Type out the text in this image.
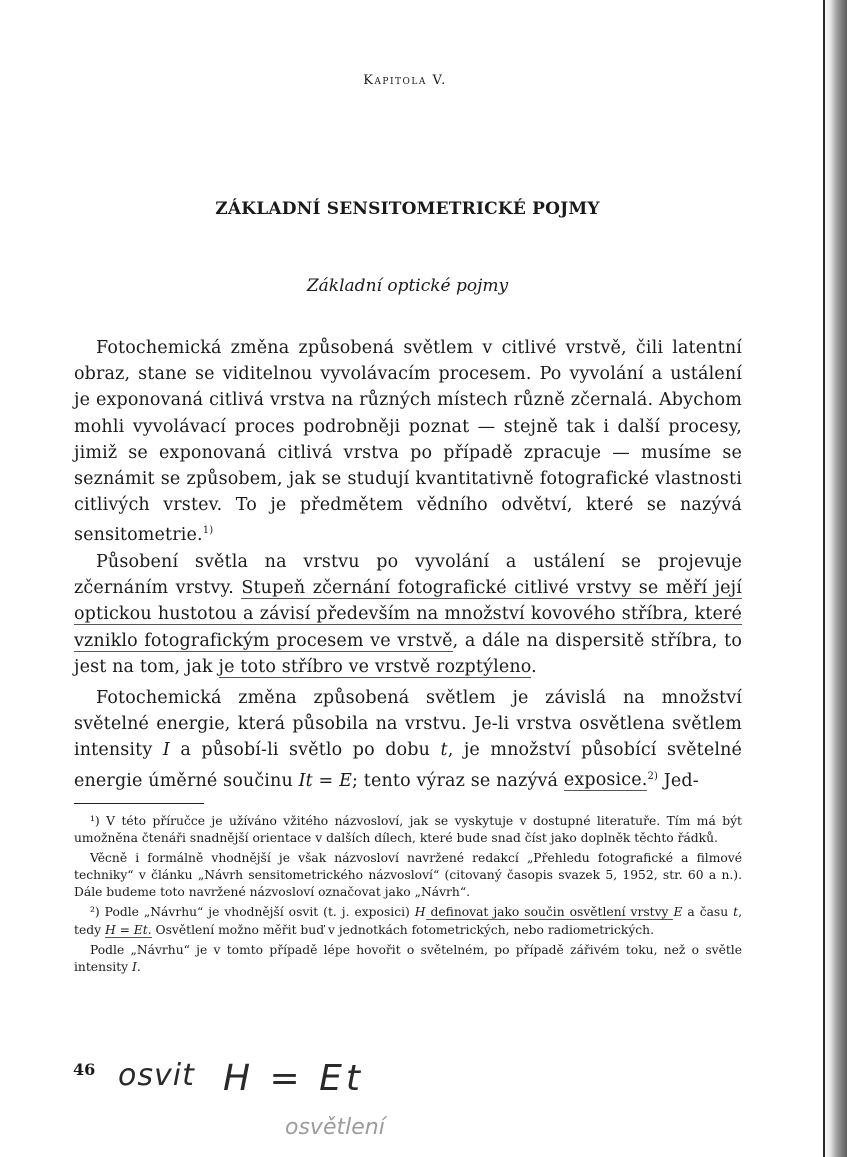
Kapitola V.
ZÁKLADNÍ SENSITOMETRICKÉ POJMY
Základní optické pojmy

Fotochemická změna způsobená světlem v citlivé vrstvě, čili latentní obraz, stane se viditelnou vyvolávacím procesem. Po vyvolání a ustálení je exponovaná citlivá vrstva na různých místech různě zčernalá. Abychom mohli vyvolávací proces podrobněji poznat — stejně tak i další procesy, jimiž se exponovaná citlivá vrstva po případě zpracuje — musíme se seznámit se způsobem, jak se studují kvantitativně fotografické vlastnosti citlivých vrstev. To je předmětem vědního odvětví, které se nazývá sensitometrie.$^{1)}$

Působení světla na vrstvu po vyvolání a ustálení se projevuje zčernáním vrstvy. Stupeň zčernání fotografické citlivé vrstvy se měří její optickou hustotou a závisí především na množství kovového stříbra, které vzniklo fotografickým procesem ve vrstvě, a dále na dispersitě stříbra, to jest na tom, jak je toto stříbro ve vrstvě rozptýleno.

Fotochemická změna způsobená světlem je závislá na množství světelné energie, která působila na vrstvu. Je-li vrstva osvětlena světlem intensity I a působí-li světlo po dobu t, je množství působící světelné energie úměrné součinu It = E; tento výraz se nazývá exposice.$^{2)}$ Jed-

¹) V této příručce je užíváno vžitého názvosloví, jak se vyskytuje v dostupné literatuře. Tím má být umožněna čtenáři snadnější orientace v dalších dílech, které bude snad číst jako doplněk těchto řádků.

Věcně i formálně vhodnější je však názvosloví navržené redakcí „Přehledu fotografické a filmové techniky“ v článku „Návrh sensitometrického názvosloví“ (citovaný časopis svazek 5, 1952, str. 60 a n.). Dále budeme toto navržené názvosloví označovat jako „Návrh“.

²) Podle „Návrhu“ je vhodnější osvit (t. j. exposici) H definovat jako součin osvětlení vrstvy E a času t, tedy H = Et. Osvětlení možno měřit buď v jednotkách fotometrických, nebo radiometrických.

Podle „Návrhu“ je v tomto případě lépe hovořit o světelném, po případě zářivém toku, než o světle intensity I.

46 osvit H = Et
osvětlení
